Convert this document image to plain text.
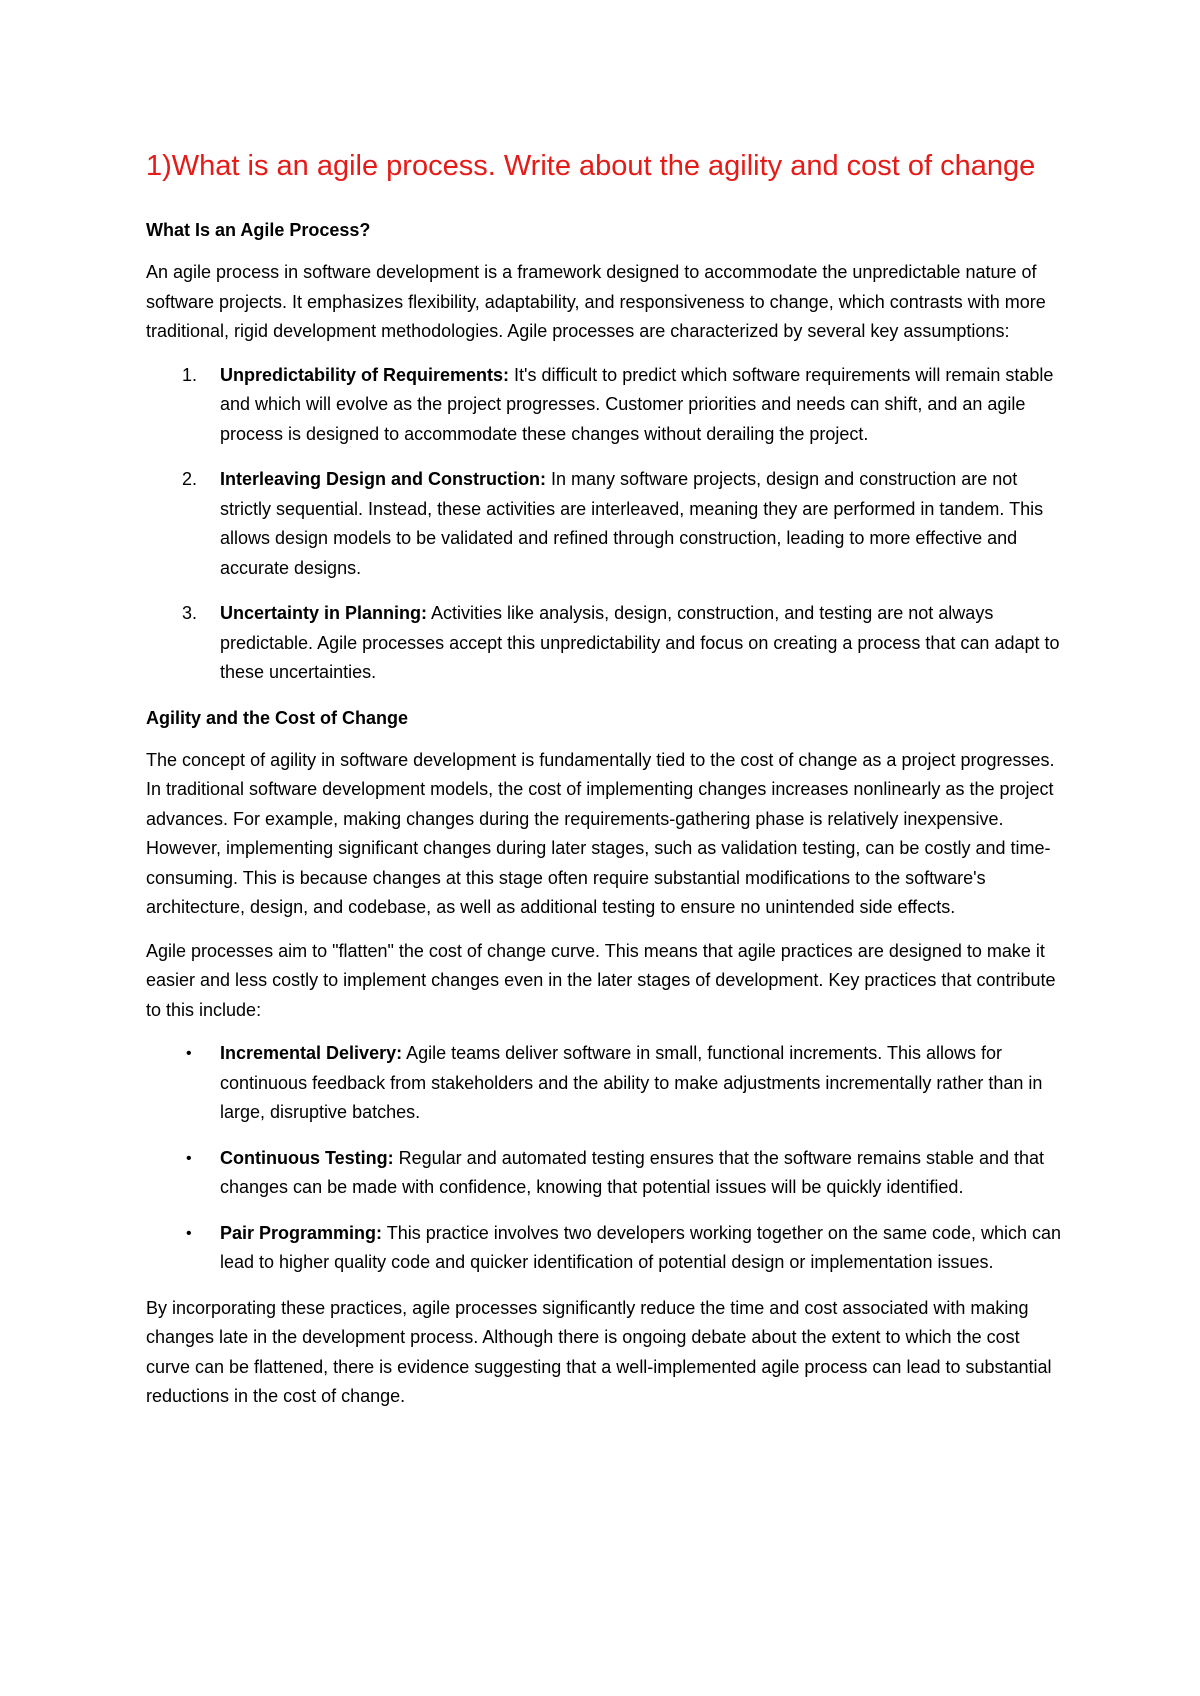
1)What is an agile process. Write about the agility and cost of change
What Is an Agile Process?

An agile process in software development is a framework designed to accommodate the unpredictable nature of software projects. It emphasizes flexibility, adaptability, and responsiveness to change, which contrasts with more traditional, rigid development methodologies. Agile processes are characterized by several key assumptions:

1. Unpredictability of Requirements: It's difficult to predict which software requirements will remain stable and which will evolve as the project progresses. Customer priorities and needs can shift, and an agile process is designed to accommodate these changes without derailing the project.
2. Interleaving Design and Construction: In many software projects, design and construction are not strictly sequential. Instead, these activities are interleaved, meaning they are performed in tandem. This allows design models to be validated and refined through construction, leading to more effective and accurate designs.
3. Uncertainty in Planning: Activities like analysis, design, construction, and testing are not always predictable. Agile processes accept this unpredictability and focus on creating a process that can adapt to these uncertainties.
Agility and the Cost of Change

The concept of agility in software development is fundamentally tied to the cost of change as a project progresses. In traditional software development models, the cost of implementing changes increases nonlinearly as the project advances. For example, making changes during the requirements-gathering phase is relatively inexpensive. However, implementing significant changes during later stages, such as validation testing, can be costly and time-consuming. This is because changes at this stage often require substantial modifications to the software's architecture, design, and codebase, as well as additional testing to ensure no unintended side effects.

Agile processes aim to "flatten" the cost of change curve. This means that agile practices are designed to make it easier and less costly to implement changes even in the later stages of development. Key practices that contribute to this include:

• Incremental Delivery: Agile teams deliver software in small, functional increments. This allows for continuous feedback from stakeholders and the ability to make adjustments incrementally rather than in large, disruptive batches.
• Continuous Testing: Regular and automated testing ensures that the software remains stable and that changes can be made with confidence, knowing that potential issues will be quickly identified.
• Pair Programming: This practice involves two developers working together on the same code, which can lead to higher quality code and quicker identification of potential design or implementation issues.

By incorporating these practices, agile processes significantly reduce the time and cost associated with making changes late in the development process. Although there is ongoing debate about the extent to which the cost curve can be flattened, there is evidence suggesting that a well-implemented agile process can lead to substantial reductions in the cost of change.
